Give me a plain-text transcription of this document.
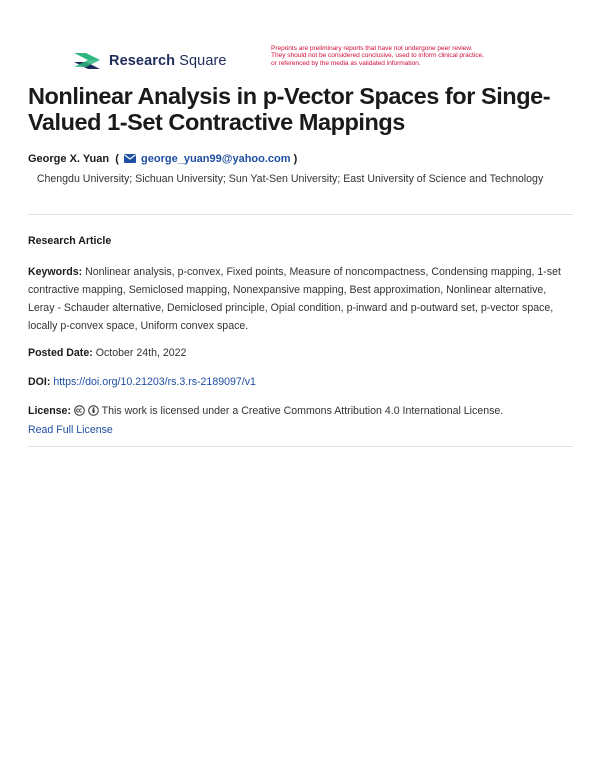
Research Square
Preprints are preliminary reports that have not undergone peer review.
They should not be considered conclusive, used to inform clinical practice,
or referenced by the media as validated information.
Nonlinear Analysis in p-Vector Spaces for Singe-Valued 1-Set Contractive Mappings
George X. Yuan  ( george_yuan99@yahoo.com )
Chengdu University; Sichuan University; Sun Yat-Sen University; East University of Science and Technology
Research Article
Keywords: Nonlinear analysis, p-convex, Fixed points, Measure of noncompactness, Condensing mapping, 1-set contractive mapping, Semiclosed mapping, Nonexpansive mapping, Best approximation, Nonlinear alternative, Leray - Schauder alternative, Demiclosed principle, Opial condition, p-inward and p-outward set, p-vector space, locally p-convex space, Uniform convex space.
Posted Date: October 24th, 2022
DOI: https://doi.org/10.21203/rs.3.rs-2189097/v1
License:	This work is licensed under a Creative Commons Attribution 4.0 International License.
Read Full License
